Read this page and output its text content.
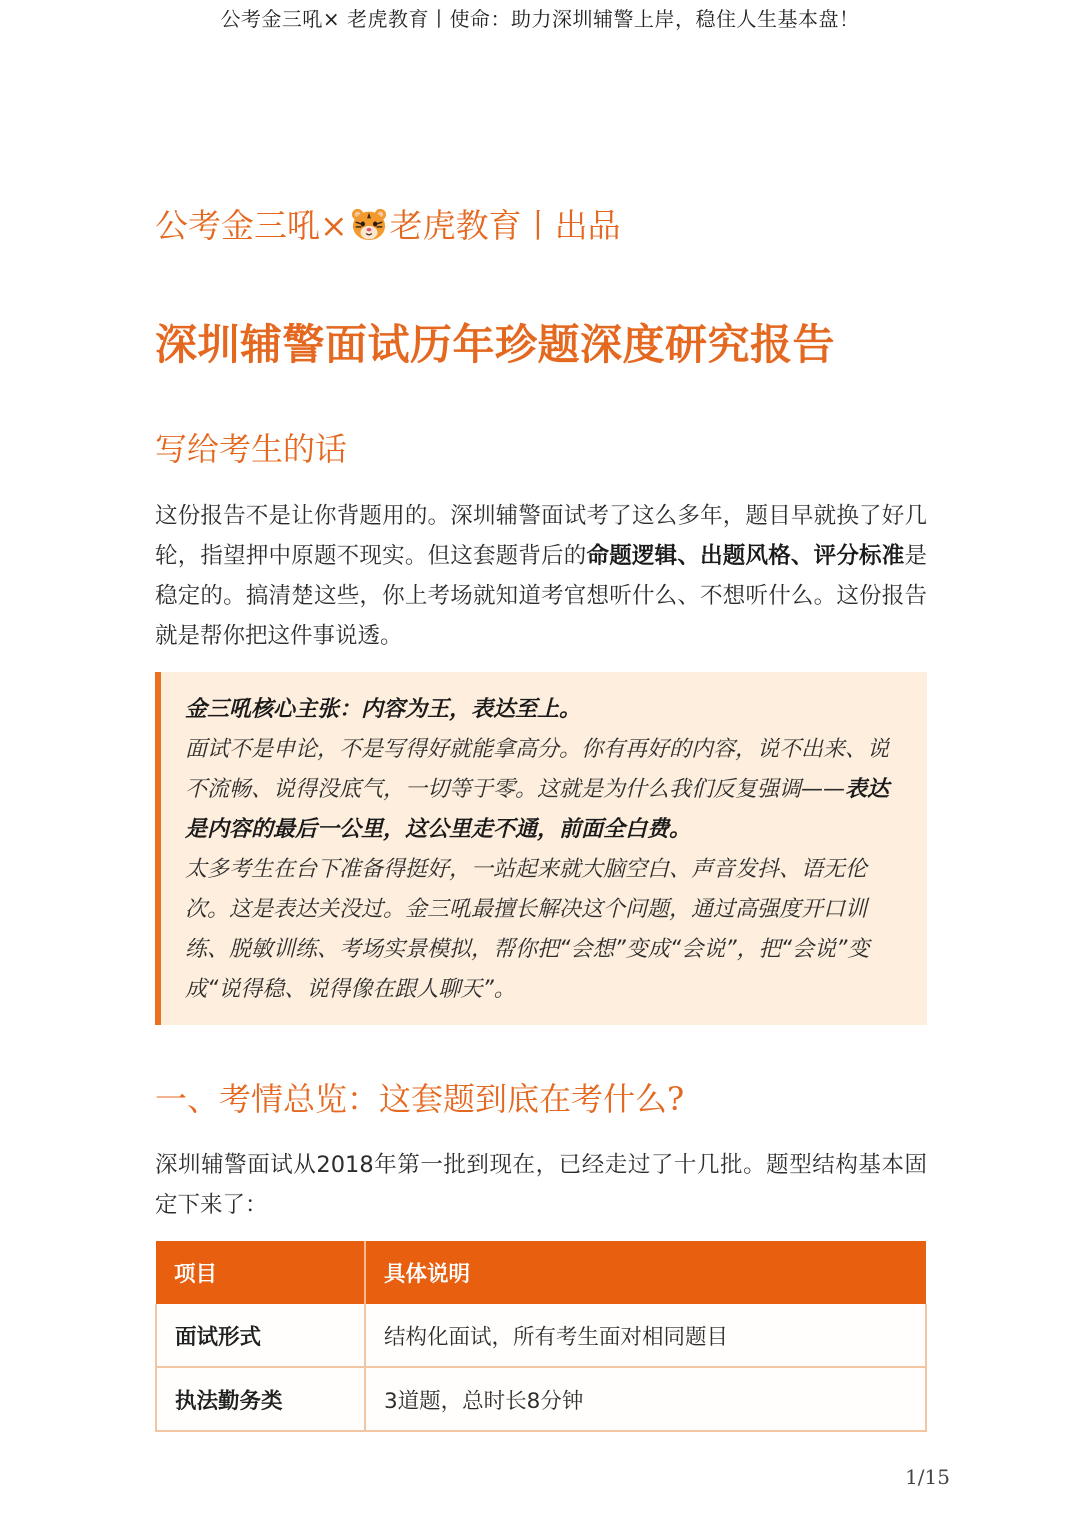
公考金三吼× 老虎教育丨使命：助力深圳辅警上岸，稳住人生基本盘！
公考金三吼× 老虎教育丨出品
深圳辅警面试历年珍题深度研究报告
写给考生的话
这份报告不是让你背题用的。深圳辅警面试考了这么多年，题目早就换了好几轮，指望押中原题不现实。但这套题背后的命题逻辑、出题风格、评分标准是稳定的。搞清楚这些，你上考场就知道考官想听什么、不想听什么。这份报告就是帮你把这件事说透。
金三吼核心主张：内容为王，表达至上。
面试不是申论，不是写得好就能拿高分。你有再好的内容，说不出来、说不流畅、说得没底气，一切等于零。这就是为什么我们反复强调——表达是内容的最后一公里，这公里走不通，前面全白费。
太多考生在台下准备得挺好，一站起来就大脑空白、声音发抖、语无伦次。这是表达关没过。金三吼最擅长解决这个问题，通过高强度开口训练、脱敏训练、考场实景模拟，帮你把“会想”变成“会说”，把“会说”变成“说得稳、说得像在跟人聊天”。
一、考情总览：这套题到底在考什么?
深圳辅警面试从2018年第一批到现在，已经走过了十几批。题型结构基本固定下来了：
项目	具体说明
面试形式	结构化面试，所有考生面对相同题目
执法勤务类	3道题，总时长8分钟
1/15
